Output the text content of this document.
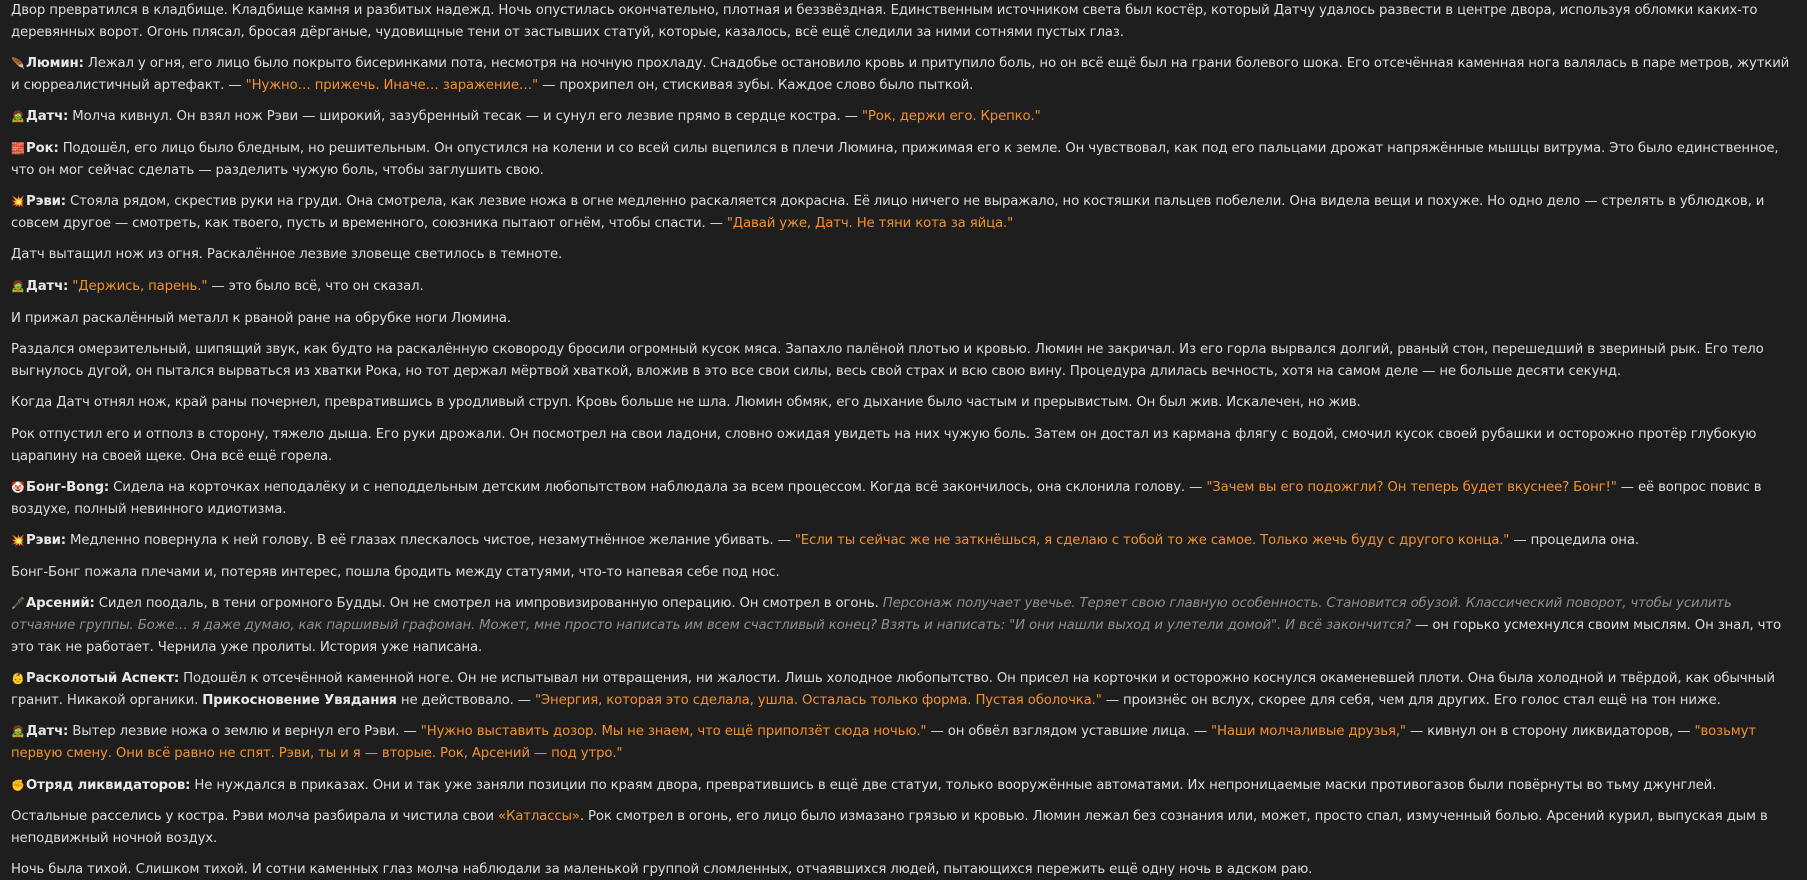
Двор превратился в кладбище. Кладбище камня и разбитых надежд. Ночь опустилась окончательно, плотная и беззвёздная. Единственным источником света был костёр, который Датчу удалось развести в центре двора, используя обломки каких-то деревянных ворот. Огонь плясал, бросая дёрганые, чудовищные тени от застывших статуй, которые, казалось, всё ещё следили за ними сотнями пустых глаз.

🪶Люмин: Лежал у огня, его лицо было покрыто бисеринками пота, несмотря на ночную прохладу. Снадобье остановило кровь и притупило боль, но он всё ещё был на грани болевого шока. Его отсечённая каменная нога валялась в паре метров, жуткий и сюрреалистичный артефакт. — "Нужно… прижечь. Иначе… заражение…" — прохрипел он, стискивая зубы. Каждое слово было пыткой.

🧟Датч: Молча кивнул. Он взял нож Рэви — широкий, зазубренный тесак — и сунул его лезвие прямо в сердце костра. — "Рок, держи его. Крепко."

🧱Рок: Подошёл, его лицо было бледным, но решительным. Он опустился на колени и со всей силы вцепился в плечи Люмина, прижимая его к земле. Он чувствовал, как под его пальцами дрожат напряжённые мышцы витрума. Это было единственное, что он мог сейчас сделать — разделить чужую боль, чтобы заглушить свою.

💥Рэви: Стояла рядом, скрестив руки на груди. Она смотрела, как лезвие ножа в огне медленно раскаляется докрасна. Её лицо ничего не выражало, но костяшки пальцев побелели. Она видела вещи и похуже. Но одно дело — стрелять в ублюдков, и совсем другое — смотреть, как твоего, пусть и временного, союзника пытают огнём, чтобы спасти. — "Давай уже, Датч. Не тяни кота за яйца."

Датч вытащил нож из огня. Раскалённое лезвие зловеще светилось в темноте.

🧟Датч: "Держись, парень." — это было всё, что он сказал.

И прижал раскалённый металл к рваной ране на обрубке ноги Люмина.

Раздался омерзительный, шипящий звук, как будто на раскалённую сковороду бросили огромный кусок мяса. Запахло палёной плотью и кровью. Люмин не закричал. Из его горла вырвался долгий, рваный стон, перешедший в звериный рык. Его тело выгнулось дугой, он пытался вырваться из хватки Рока, но тот держал мёртвой хваткой, вложив в это все свои силы, весь свой страх и всю свою вину. Процедура длилась вечность, хотя на самом деле — не больше десяти секунд.

Когда Датч отнял нож, край раны почернел, превратившись в уродливый струп. Кровь больше не шла. Люмин обмяк, его дыхание было частым и прерывистым. Он был жив. Искалечен, но жив.

Рок отпустил его и отполз в сторону, тяжело дыша. Его руки дрожали. Он посмотрел на свои ладони, словно ожидая увидеть на них чужую боль. Затем он достал из кармана флягу с водой, смочил кусок своей рубашки и осторожно протёр глубокую царапину на своей щеке. Она всё ещё горела.

🤡Бонг-Bong: Сидела на корточках неподалёку и с неподдельным детским любопытством наблюдала за всем процессом. Когда всё закончилось, она склонила голову. — "Зачем вы его подожгли? Он теперь будет вкуснее? Бонг!" — её вопрос повис в воздухе, полный невинного идиотизма.

💥Рэви: Медленно повернула к ней голову. В её глазах плескалось чистое, незамутнённое желание убивать. — "Если ты сейчас же не заткнёшься, я сделаю с тобой то же самое. Только жечь буду с другого конца." — процедила она.

Бонг-Бонг пожала плечами и, потеряв интерес, пошла бродить между статуями, что-то напевая себе под нос.

🖋️Арсений: Сидел поодаль, в тени огромного Будды. Он не смотрел на импровизированную операцию. Он смотрел в огонь. Персонаж получает увечье. Теряет свою главную особенность. Становится обузой. Классический поворот, чтобы усилить отчаяние группы. Боже… я даже думаю, как паршивый графоман. Может, мне просто написать им всем счастливый конец? Взять и написать: "И они нашли выход и улетели домой". И всё закончится? — он горько усмехнулся своим мыслям. Он знал, что это так не работает. Чернила уже пролиты. История уже написана.

👶Расколотый Аспект: Подошёл к отсечённой каменной ноге. Он не испытывал ни отвращения, ни жалости. Лишь холодное любопытство. Он присел на корточки и осторожно коснулся окаменевшей плоти. Она была холодной и твёрдой, как обычный гранит. Никакой органики. Прикосновение Увядания не действовало. — "Энергия, которая это сделала, ушла. Осталась только форма. Пустая оболочка." — произнёс он вслух, скорее для себя, чем для других. Его голос стал ещё на тон ниже.

🧟Датч: Вытер лезвие ножа о землю и вернул его Рэви. — "Нужно выставить дозор. Мы не знаем, что ещё приползёт сюда ночью." — он обвёл взглядом уставшие лица. — "Наши молчаливые друзья," — кивнул он в сторону ликвидаторов, — "возьмут первую смену. Они всё равно не спят. Рэви, ты и я — вторые. Рок, Арсений — под утро."

✊Отряд ликвидаторов: Не нуждался в приказах. Они и так уже заняли позиции по краям двора, превратившись в ещё две статуи, только вооружённые автоматами. Их непроницаемые маски противогазов были повёрнуты во тьму джунглей.

Остальные расселись у костра. Рэви молча разбирала и чистила свои «Катлассы». Рок смотрел в огонь, его лицо было измазано грязью и кровью. Люмин лежал без сознания или, может, просто спал, измученный болью. Арсений курил, выпуская дым в неподвижный ночной воздух.

Ночь была тихой. Слишком тихой. И сотни каменных глаз молча наблюдали за маленькой группой сломленных, отчаявшихся людей, пытающихся пережить ещё одну ночь в адском раю.
